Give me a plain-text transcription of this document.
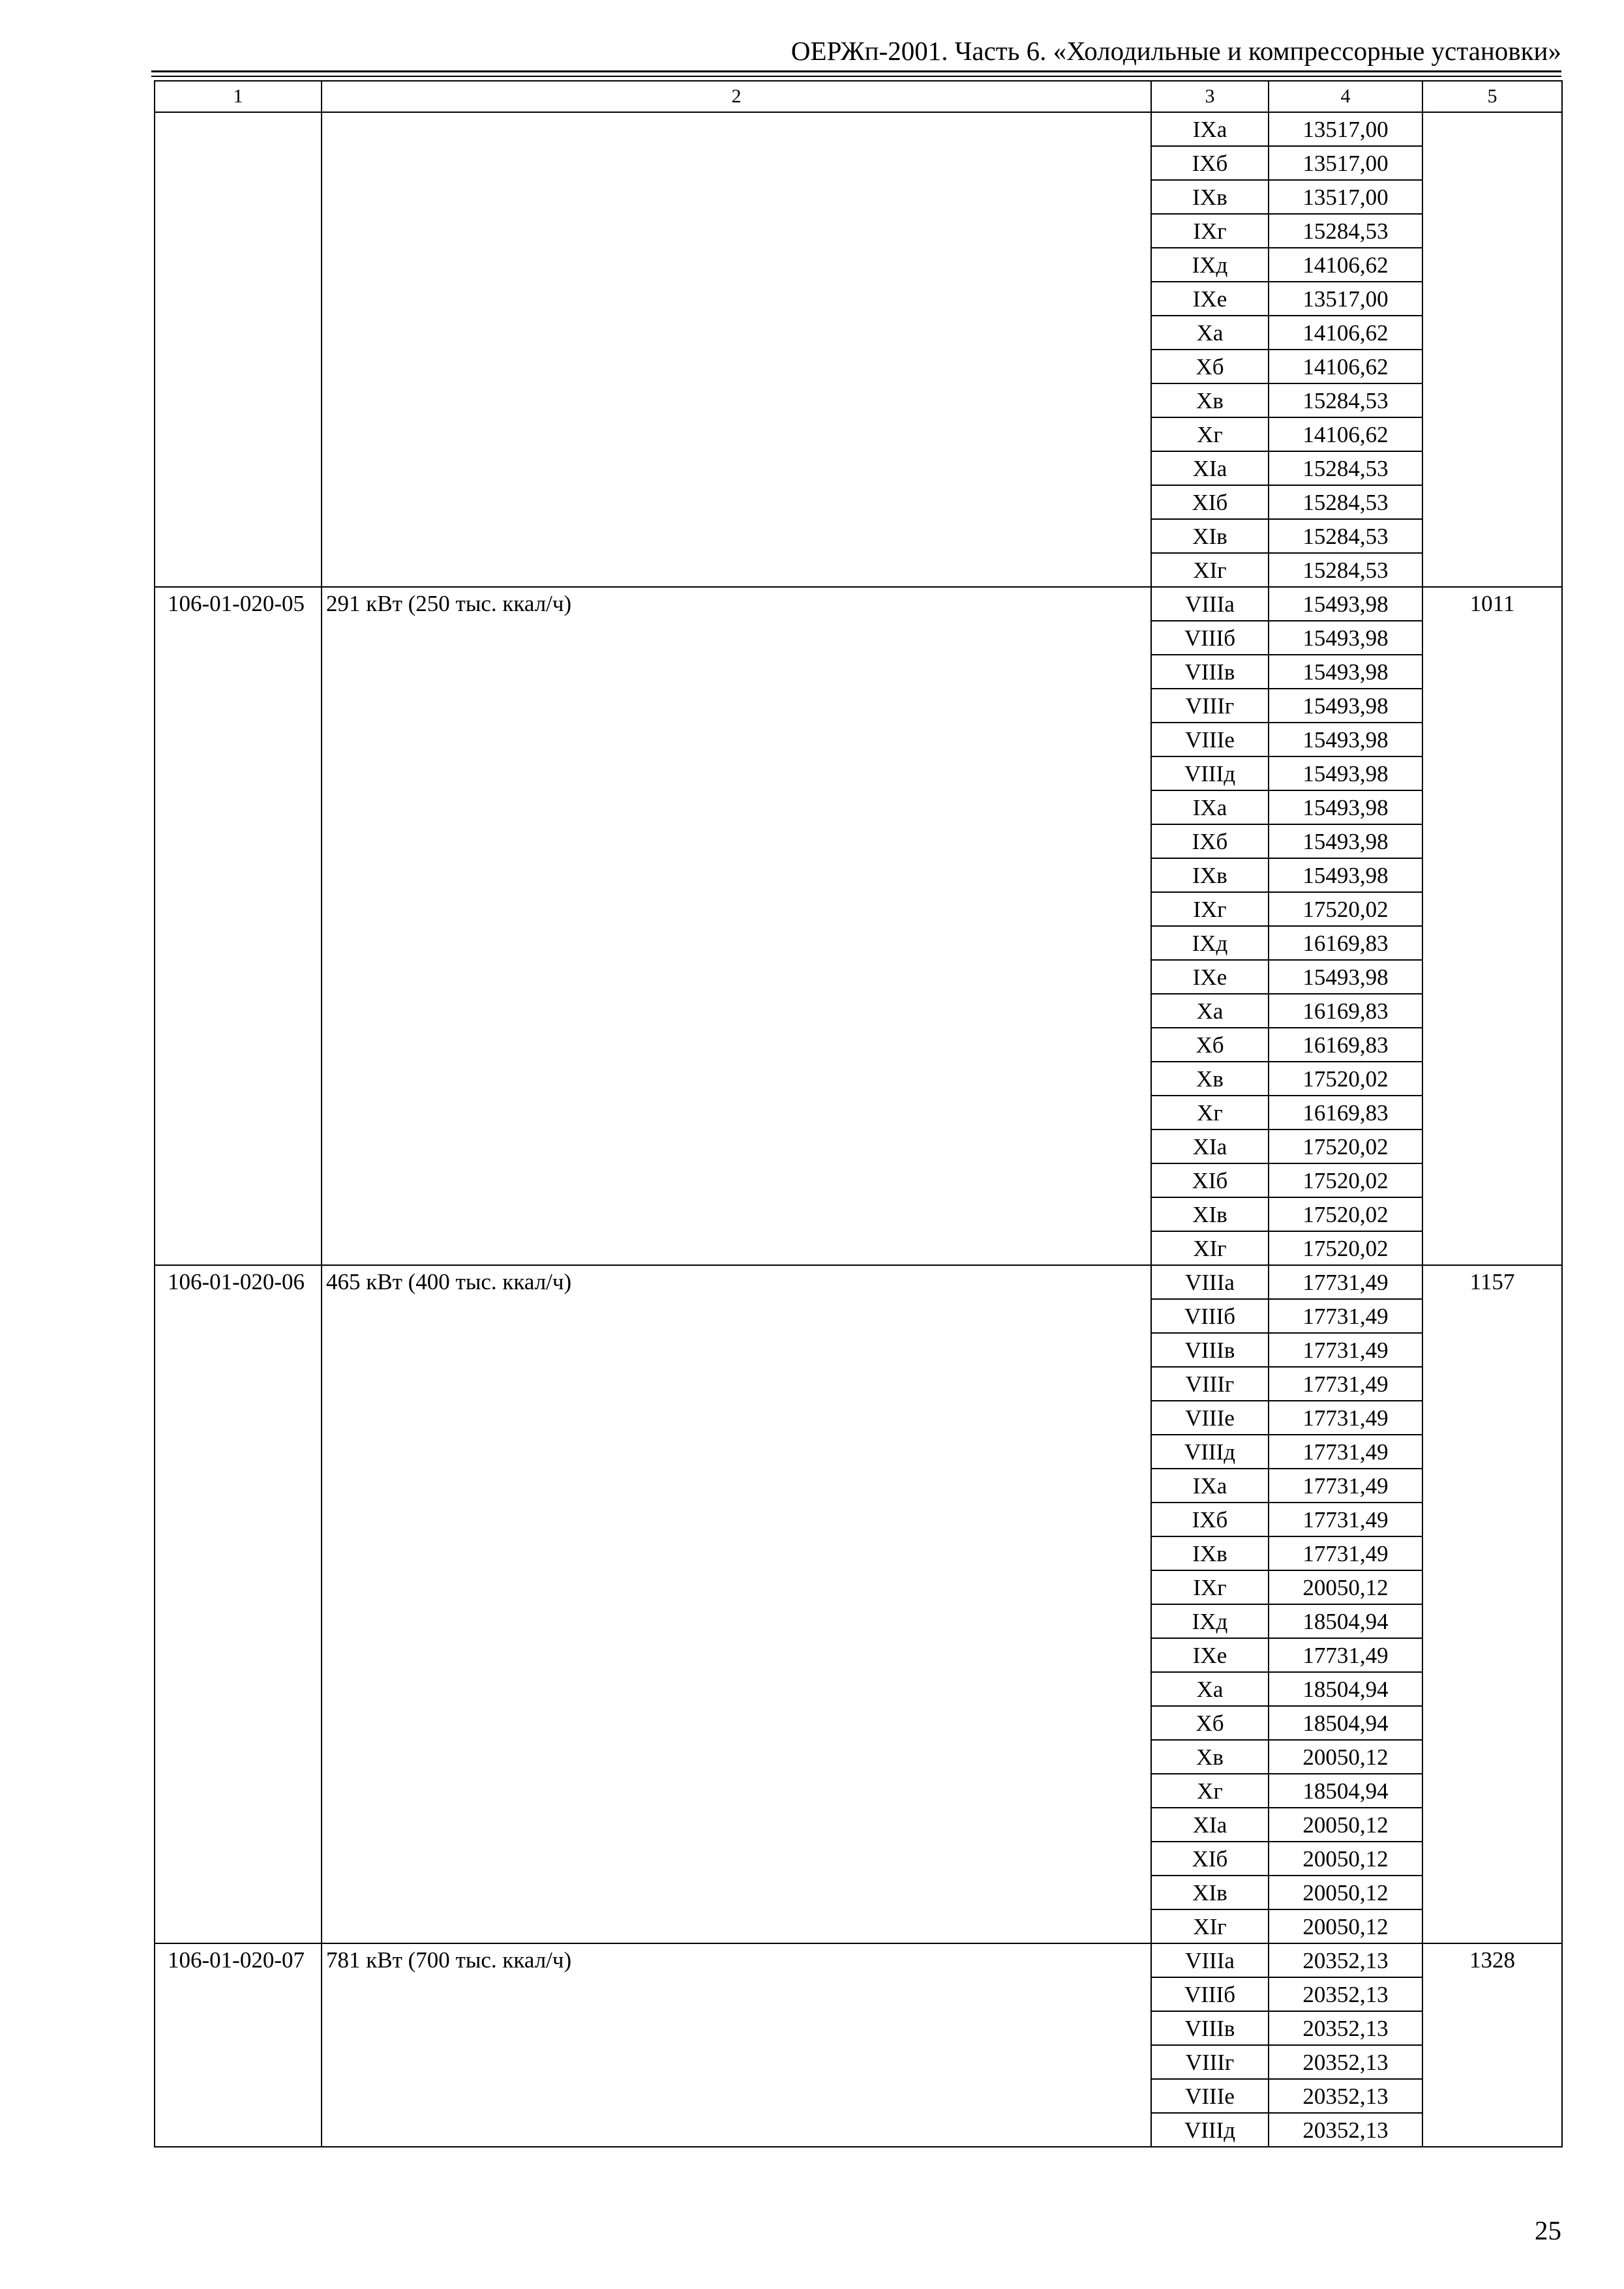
ОЕРЖп-2001. Часть 6. «Холодильные и компрессорные установки»
1	2	3	4	5
		IXa	13517,00	
		IXб	13517,00	
		IXв	13517,00	
		IXг	15284,53	
		IXд	14106,62	
		IXe	13517,00	
		Xa	14106,62	
		Xб	14106,62	
		Xв	15284,53	
		Xг	14106,62	
		XIa	15284,53	
		XIб	15284,53	
		XIв	15284,53	
		XIг	15284,53	
106-01-020-05	291 кВт (250 тыс. ккал/ч)	VIIIa	15493,98	1011
		VIIIб	15493,98	
		VIIIв	15493,98	
		VIIIг	15493,98	
		VIIIe	15493,98	
		VIIIд	15493,98	
		IXa	15493,98	
		IXб	15493,98	
		IXв	15493,98	
		IXг	17520,02	
		IXд	16169,83	
		IXe	15493,98	
		Xa	16169,83	
		Xб	16169,83	
		Xв	17520,02	
		Xг	16169,83	
		XIa	17520,02	
		XIб	17520,02	
		XIв	17520,02	
		XIг	17520,02	
106-01-020-06	465 кВт (400 тыс. ккал/ч)	VIIIa	17731,49	1157
		VIIIб	17731,49	
		VIIIв	17731,49	
		VIIIг	17731,49	
		VIIIe	17731,49	
		VIIIд	17731,49	
		IXa	17731,49	
		IXб	17731,49	
		IXв	17731,49	
		IXг	20050,12	
		IXд	18504,94	
		IXe	17731,49	
		Xa	18504,94	
		Xб	18504,94	
		Xв	20050,12	
		Xг	18504,94	
		XIa	20050,12	
		XIб	20050,12	
		XIв	20050,12	
		XIг	20050,12	
106-01-020-07	781 кВт (700 тыс. ккал/ч)	VIIIa	20352,13	1328
		VIIIб	20352,13	
		VIIIв	20352,13	
		VIIIг	20352,13	
		VIIIe	20352,13	
		VIIIд	20352,13	
25
